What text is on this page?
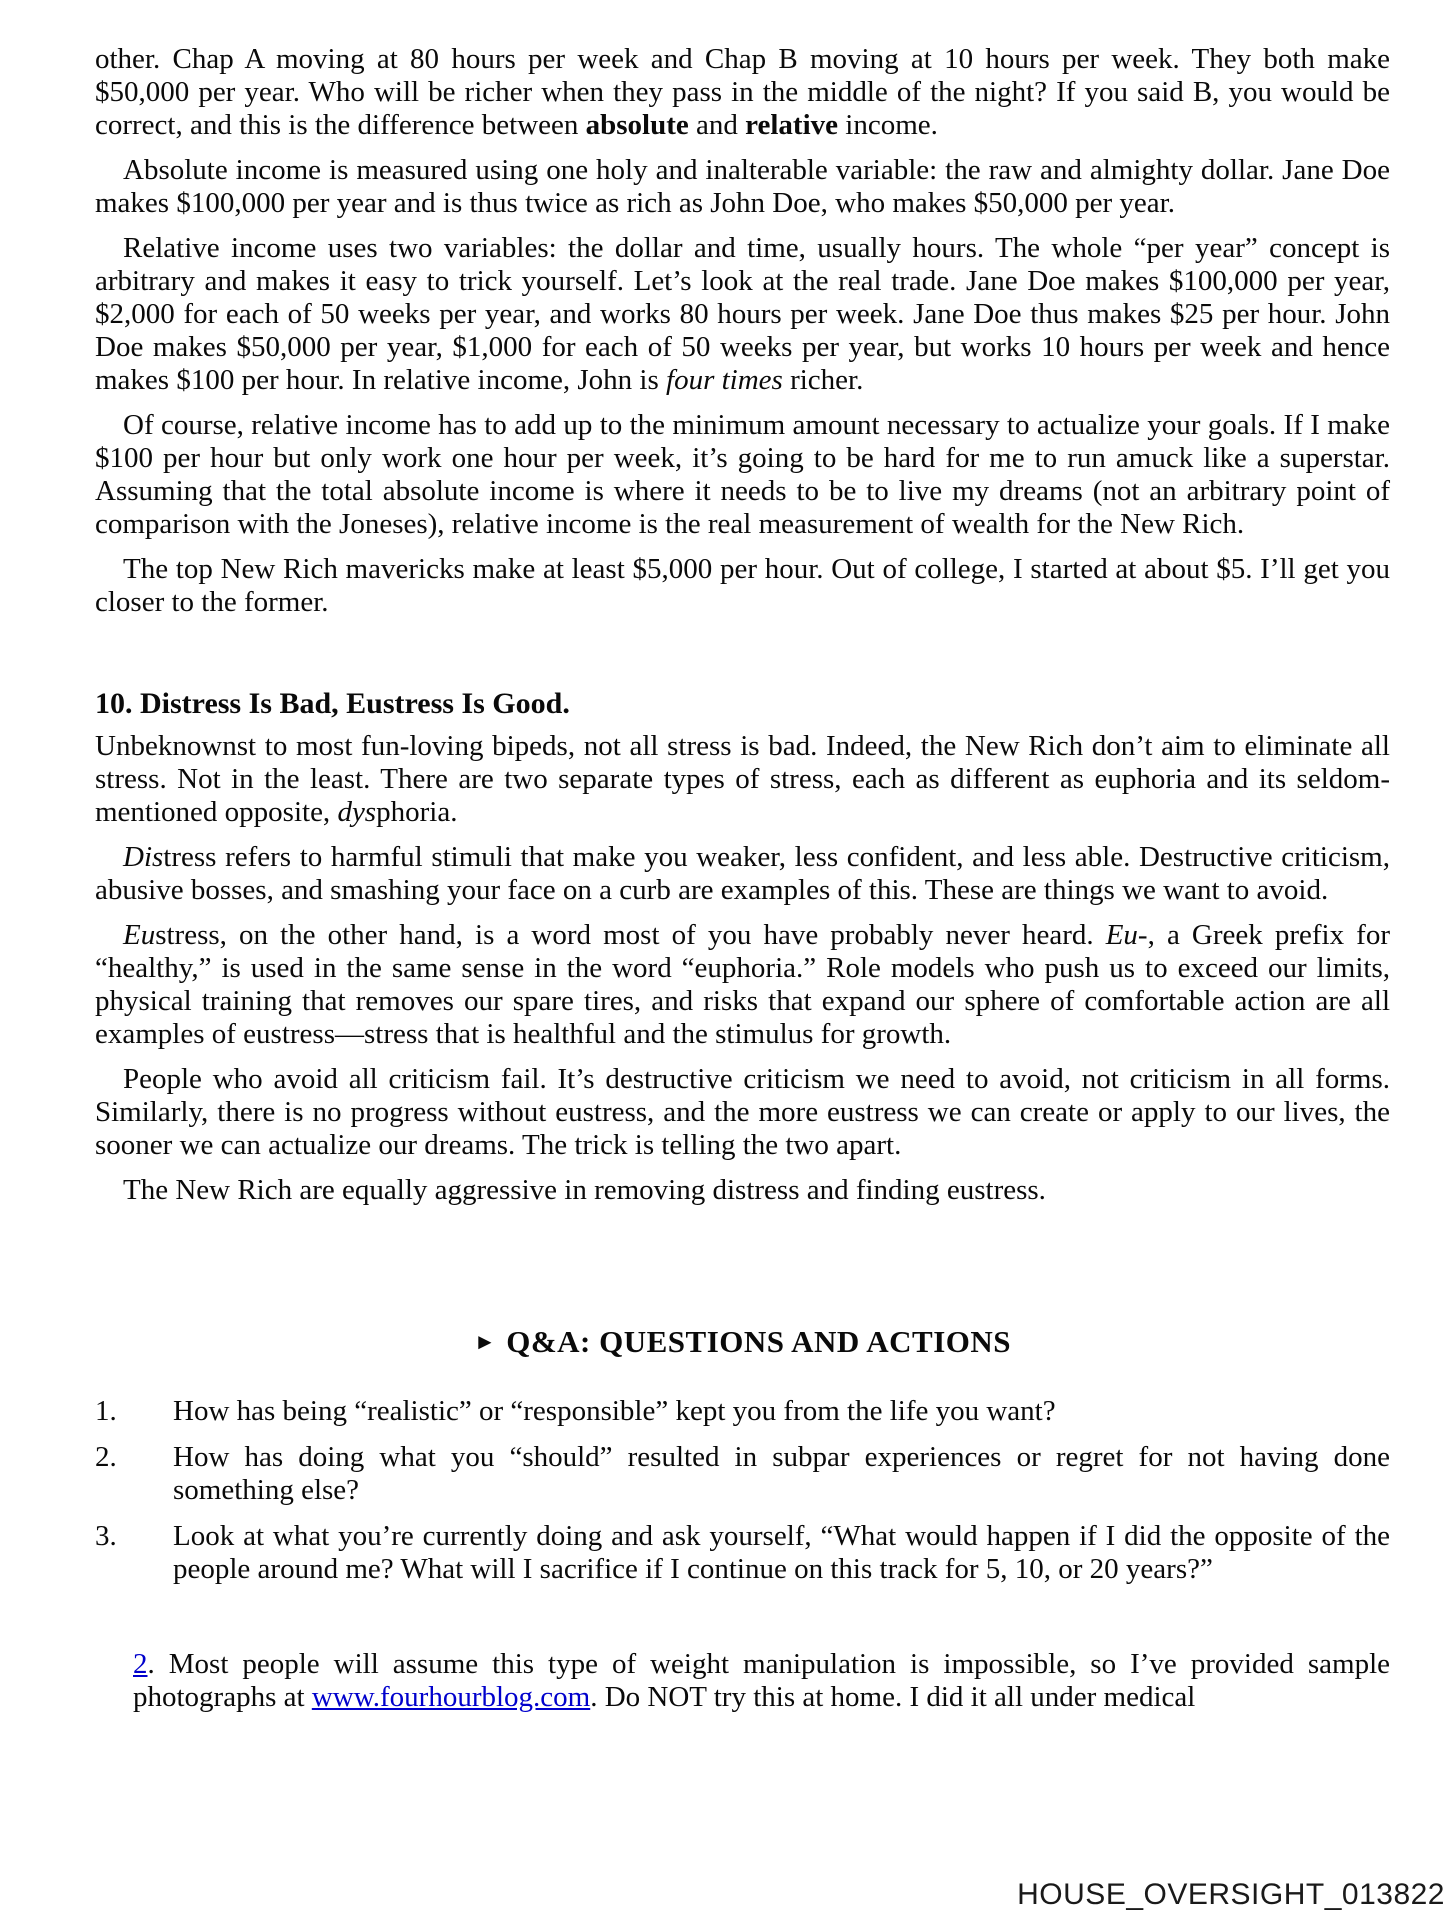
other. Chap A moving at 80 hours per week and Chap B moving at 10 hours per week. They both make $50,000 per year. Who will be richer when they pass in the middle of the night? If you said B, you would be correct, and this is the difference between absolute and relative income.

Absolute income is measured using one holy and inalterable variable: the raw and almighty dollar. Jane Doe makes $100,000 per year and is thus twice as rich as John Doe, who makes $50,000 per year.

Relative income uses two variables: the dollar and time, usually hours. The whole “per year” concept is arbitrary and makes it easy to trick yourself. Let’s look at the real trade. Jane Doe makes $100,000 per year, $2,000 for each of 50 weeks per year, and works 80 hours per week. Jane Doe thus makes $25 per hour. John Doe makes $50,000 per year, $1,000 for each of 50 weeks per year, but works 10 hours per week and hence makes $100 per hour. In relative income, John is four times richer.

Of course, relative income has to add up to the minimum amount necessary to actualize your goals. If I make $100 per hour but only work one hour per week, it’s going to be hard for me to run amuck like a superstar. Assuming that the total absolute income is where it needs to be to live my dreams (not an arbitrary point of comparison with the Joneses), relative income is the real measurement of wealth for the New Rich.

The top New Rich mavericks make at least $5,000 per hour. Out of college, I started at about $5. I’ll get you closer to the former.

10. Distress Is Bad, Eustress Is Good.

Unbeknownst to most fun-loving bipeds, not all stress is bad. Indeed, the New Rich don’t aim to eliminate all stress. Not in the least. There are two separate types of stress, each as different as euphoria and its seldom-mentioned opposite, dysphoria.

Distress refers to harmful stimuli that make you weaker, less confident, and less able. Destructive criticism, abusive bosses, and smashing your face on a curb are examples of this. These are things we want to avoid.

Eustress, on the other hand, is a word most of you have probably never heard. Eu-, a Greek prefix for “healthy,” is used in the same sense in the word “euphoria.” Role models who push us to exceed our limits, physical training that removes our spare tires, and risks that expand our sphere of comfortable action are all examples of eustress—stress that is healthful and the stimulus for growth.

People who avoid all criticism fail. It’s destructive criticism we need to avoid, not criticism in all forms. Similarly, there is no progress without eustress, and the more eustress we can create or apply to our lives, the sooner we can actualize our dreams. The trick is telling the two apart.

The New Rich are equally aggressive in removing distress and finding eustress.

► Q&A: QUESTIONS AND ACTIONS
1.	How has being “realistic” or “responsible” kept you from the life you want?
2.	How has doing what you “should” resulted in subpar experiences or regret for not having done something else?
3.	Look at what you’re currently doing and ask yourself, “What would happen if I did the opposite of the people around me? What will I sacrifice if I continue on this track for 5, 10, or 20 years?”

2. Most people will assume this type of weight manipulation is impossible, so I’ve provided sample photographs at www.fourhourblog.com. Do NOT try this at home. I did it all under medical

HOUSE_OVERSIGHT_013822
